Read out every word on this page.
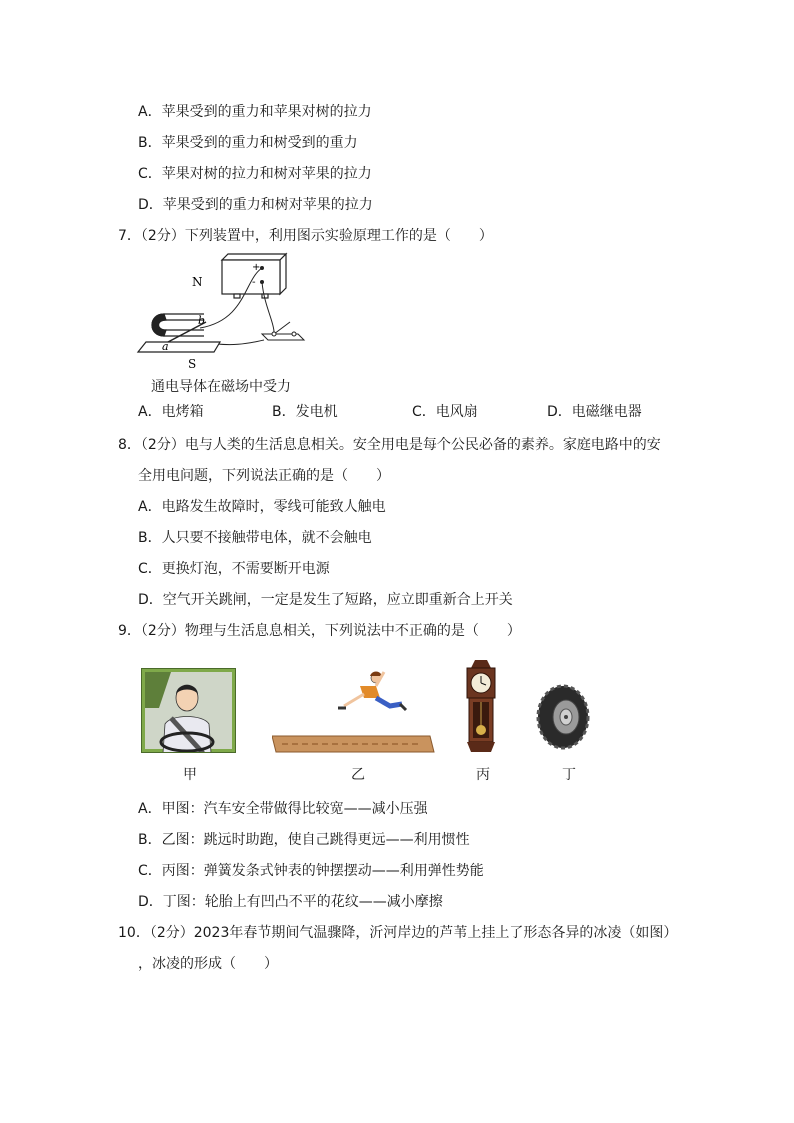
A．苹果受到的重力和苹果对树的拉力
B．苹果受到的重力和树受到的重力
C．苹果对树的拉力和树对苹果的拉力
D．苹果受到的重力和树对苹果的拉力
7．（2分）下列装置中，利用图示实验原理工作的是（　　）
+
-
N
S
b
a
通电导体在磁场中受力
A．电烤箱	B．发电机	C．电风扇	D．电磁继电器
8．（2分）电与人类的生活息息相关。安全用电是每个公民必备的素养。家庭电路中的安
全用电问题，下列说法正确的是（　　）
A．电路发生故障时，零线可能致人触电
B．人只要不接触带电体，就不会触电
C．更换灯泡，不需要断开电源
D．空气开关跳闸，一定是发生了短路，应立即重新合上开关
9．（2分）物理与生活息息相关，下列说法中不正确的是（　　）
甲	乙	丙	丁
A．甲图：汽车安全带做得比较宽——减小压强
B．乙图：跳远时助跑，使自己跳得更远——利用惯性
C．丙图：弹簧发条式钟表的钟摆摆动——利用弹性势能
D．丁图：轮胎上有凹凸不平的花纹——减小摩擦
10．（2分）2023年春节期间气温骤降，沂河岸边的芦苇上挂上了形态各异的冰凌（如图）
，冰凌的形成（　　）
